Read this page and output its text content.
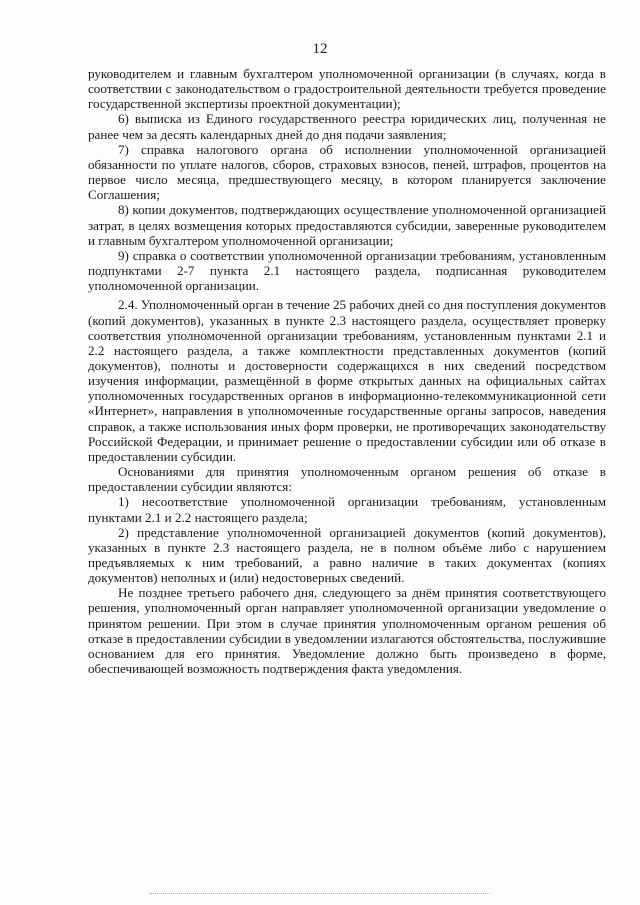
12

руководителем и главным бухгалтером уполномоченной организации (в случаях, когда в соответствии с законодательством о градостроительной деятельности требуется проведение государственной экспертизы проектной документации);

6) выписка из Единого государственного реестра юридических лиц, полученная не ранее чем за десять календарных дней до дня подачи заявления;

7) справка налогового органа об исполнении уполномоченной организацией обязанности по уплате налогов, сборов, страховых взносов, пеней, штрафов, процентов на первое число месяца, предшествующего месяцу, в котором планируется заключение Соглашения;

8) копии документов, подтверждающих осуществление уполномоченной организацией затрат, в целях возмещения которых предоставляются субсидии, заверенные руководителем и главным бухгалтером уполномоченной организации;

9) справка о соответствии уполномоченной организации требованиям, установленным подпунктами 2-7 пункта 2.1 настоящего раздела, подписанная руководителем уполномоченной организации.

2.4. Уполномоченный орган в течение 25 рабочих дней со дня поступления документов (копий документов), указанных в пункте 2.3 настоящего раздела, осуществляет проверку соответствия уполномоченной организации требованиям, установленным пунктами 2.1 и 2.2 настоящего раздела, а также комплектности представленных документов (копий документов), полноты и достоверности содержащихся в них сведений посредством изучения информации, размещённой в форме открытых данных на официальных сайтах уполномоченных государственных органов в информационно-телекоммуникационной сети «Интернет», направления в уполномоченные государственные органы запросов, наведения справок, а также использования иных форм проверки, не противоречащих законодательству Российской Федерации, и принимает решение о предоставлении субсидии или об отказе в предоставлении субсидии.

Основаниями для принятия уполномоченным органом решения об отказе в предоставлении субсидии являются:

1) несоответствие уполномоченной организации требованиям, установленным пунктами 2.1 и 2.2 настоящего раздела;

2) представление уполномоченной организацией документов (копий документов), указанных в пункте 2.3 настоящего раздела, не в полном объёме либо с нарушением предъявляемых к ним требований, а равно наличие в таких документах (копиях документов) неполных и (или) недостоверных сведений.

Не позднее третьего рабочего дня, следующего за днём принятия соответствующего решения, уполномоченный орган направляет уполномоченной организации уведомление о принятом решении. При этом в случае принятия уполномоченным органом решения об отказе в предоставлении субсидии в уведомлении излагаются обстоятельства, послужившие основанием для его принятия. Уведомление должно быть произведено в форме, обеспечивающей возможность подтверждения факта уведомления.
